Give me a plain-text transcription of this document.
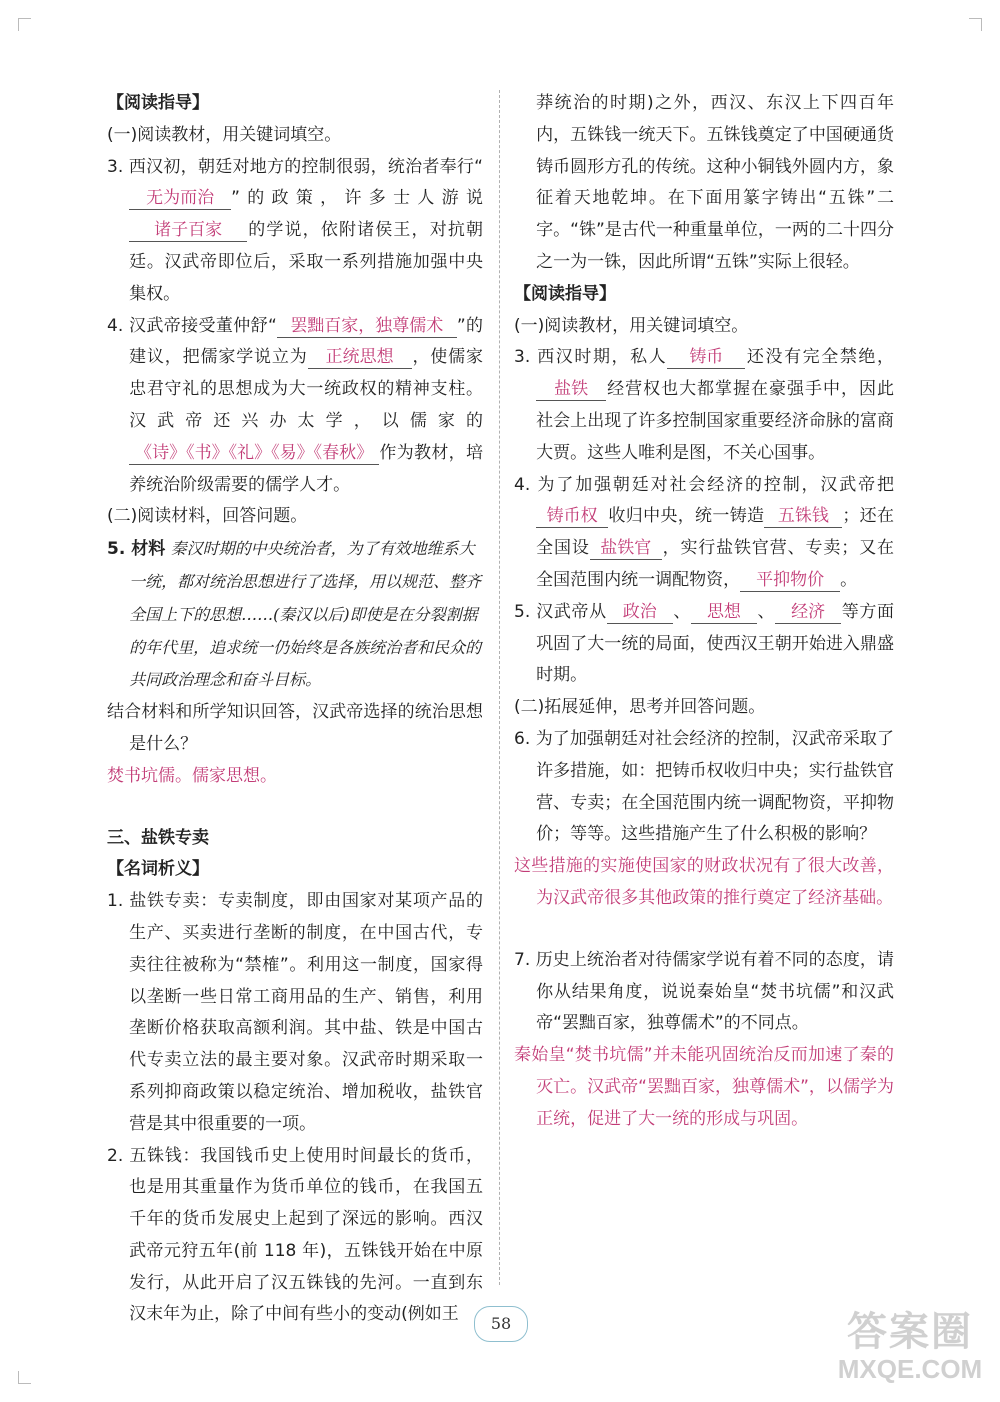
【阅读指导】

(一)阅读教材，用关键词填空。

3. 西汉初，朝廷对地方的控制很弱，统治者奉行“无为而治 ”的政策，许多士人游说诸子百家 的学说，依附诸侯王，对抗朝廷。汉武帝即位后，采取一系列措施加强中央集权。

4. 汉武帝接受董仲舒“ 罢黜百家，独尊儒术 ”的建议，把儒家学说立为 正统思想 ，使儒家忠君守礼的思想成为大一统政权的精神支柱。汉武帝还兴办太学，以儒家的《诗》《书》《礼》《易》《春秋》 作为教材，培养统治阶级需要的儒学人才。

(二)阅读材料，回答问题。

5. 材料 秦汉时期的中央统治者，为了有效地维系大一统，都对统治思想进行了选择，用以规范、整齐全国上下的思想……(秦汉以后)即使是在分裂割据的年代里，追求统一仍始终是各族统治者和民众的共同政治理念和奋斗目标。

结合材料和所学知识回答，汉武帝选择的统治思想是什么？

焚书坑儒。儒家思想。

三、盐铁专卖

【名词析义】

1. 盐铁专卖：专卖制度，即由国家对某项产品的生产、买卖进行垄断的制度，在中国古代，专卖往往被称为“禁榷”。利用这一制度，国家得以垄断一些日常工商用品的生产、销售，利用垄断价格获取高额利润。其中盐、铁是中国古代专卖立法的最主要对象。汉武帝时期采取一系列抑商政策以稳定统治、增加税收，盐铁官营是其中很重要的一项。

2. 五铢钱：我国钱币史上使用时间最长的货币，也是用其重量作为货币单位的钱币，在我国五千年的货币发展史上起到了深远的影响。西汉武帝元狩五年(前 118 年)，五铢钱开始在中原发行，从此开启了汉五铢钱的先河。一直到东汉末年为止，除了中间有些小的变动(例如王

莽统治的时期)之外，西汉、东汉上下四百年内，五铢钱一统天下。五铢钱奠定了中国硬通货铸币圆形方孔的传统。这种小铜钱外圆内方，象征着天地乾坤。在下面用篆字铸出“五铢”二字。“铢”是古代一种重量单位，一两的二十四分之一为一铢，因此所谓“五铢”实际上很轻。

【阅读指导】

(一)阅读教材，用关键词填空。

3. 西汉时期，私人 铸币 还没有完全禁绝，盐铁 经营权也大都掌握在豪强手中，因此社会上出现了许多控制国家重要经济命脉的富商大贾。这些人唯利是图，不关心国事。

4. 为了加强朝廷对社会经济的控制，汉武帝把铸币权 收归中央，统一铸造 五铢钱 ；还在全国设 盐铁官 ，实行盐铁官营、专卖；又在全国范围内统一调配物资， 平抑物价 。

5. 汉武帝从 政治 、 思想 、 经济 等方面巩固了大一统的局面，使西汉王朝开始进入鼎盛时期。

(二)拓展延伸，思考并回答问题。

6. 为了加强朝廷对社会经济的控制，汉武帝采取了许多措施，如：把铸币权收归中央；实行盐铁官营、专卖；在全国范围内统一调配物资，平抑物价；等等。这些措施产生了什么积极的影响？

这些措施的实施使国家的财政状况有了很大改善，为汉武帝很多其他政策的推行奠定了经济基础。

7. 历史上统治者对待儒家学说有着不同的态度，请你从结果角度，说说秦始皇“焚书坑儒”和汉武帝“罢黜百家，独尊儒术”的不同点。

秦始皇“焚书坑儒”并未能巩固统治反而加速了秦的灭亡。汉武帝“罢黜百家，独尊儒术”，以儒学为正统，促进了大一统的形成与巩固。

58	答案圈
MXQE.COM
